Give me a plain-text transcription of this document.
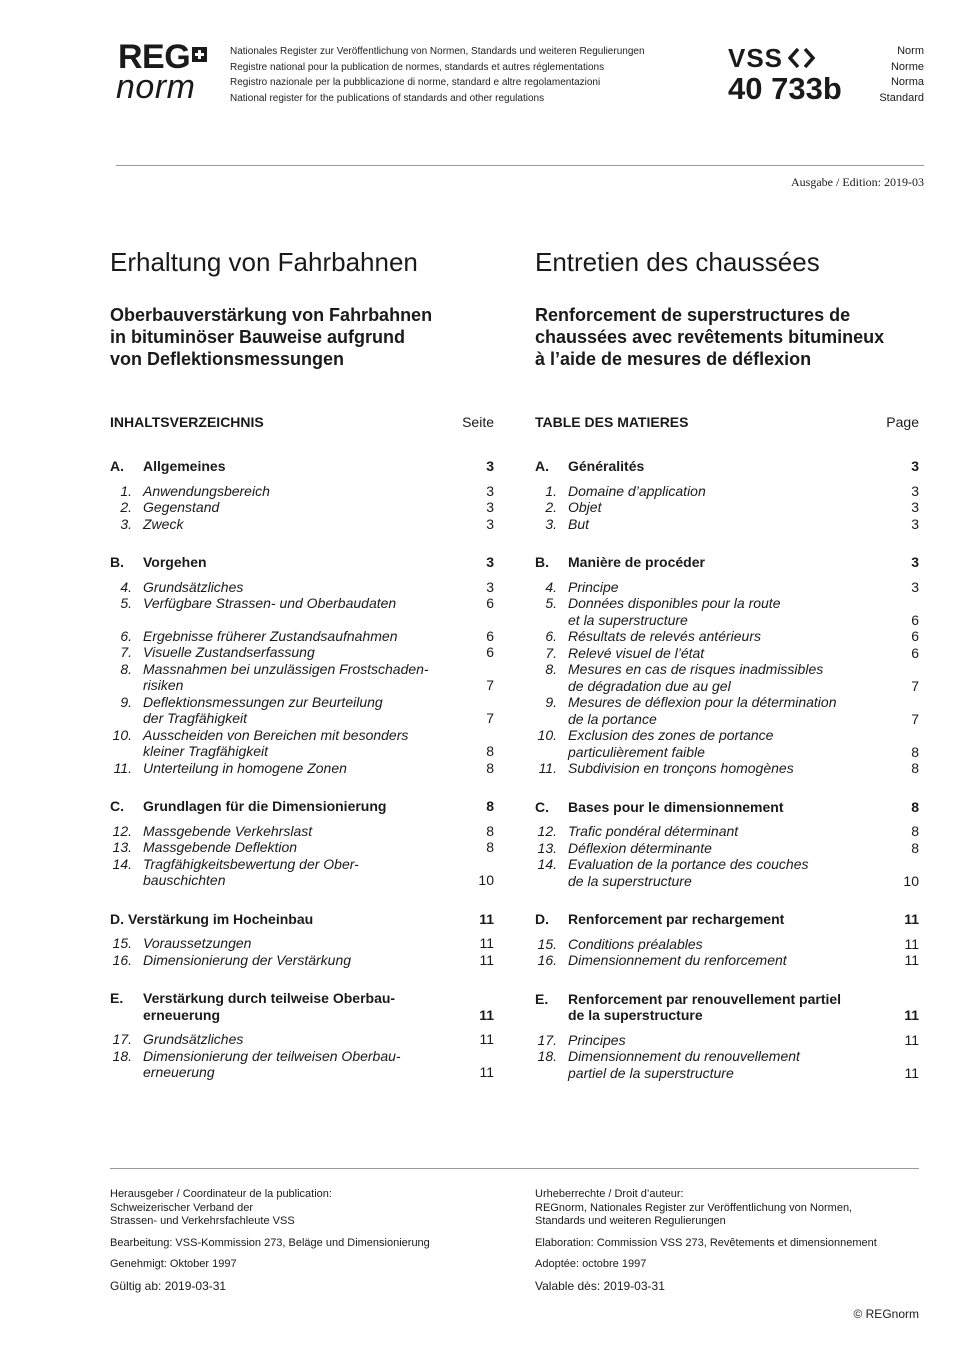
REG
norm
Nationales Register zur Veröffentlichung von Normen, Standards und weiteren Regulierungen
Registre national pour la publication de normes, standards et autres réglementations
Registro nazionale per la pubblicazione di norme, standard e altre regolamentazioni
National register for the publications of standards and other regulations
VSS
40 733b
Norm
Norme
Norma
Standard
Ausgabe / Edition: 2019-03
Erhaltung von Fahrbahnen	Entretien des chaussées
Oberbauverstärkung von Fahrbahnen
in bituminöser Bauweise aufgrund
von Deflektionsmessungen
Renforcement de superstructures de
chaussées avec revêtements bitumineux
à l’aide de mesures de déflexion
INHALTSVERZEICHNIS	Seite
A.	Allgemeines	3
1. Anwendungsbereich	3
2. Gegenstand	3
3. Zweck	3
B.	Vorgehen	3
4. Grundsätzliches	3
5. Verfügbare Strassen- und Oberbaudaten	6
6. Ergebnisse früherer Zustandsaufnahmen	6
7. Visuelle Zustandserfassung	6
8. Massnahmen bei unzulässigen Frostschaden-
risiken	7
9. Deflektionsmessungen zur Beurteilung
der Tragfähigkeit	7
10. Ausscheiden von Bereichen mit besonders
kleiner Tragfähigkeit	8
11. Unterteilung in homogene Zonen	8
C.	Grundlagen für die Dimensionierung	8
12. Massgebende Verkehrslast	8
13. Massgebende Deflektion	8
14. Tragfähigkeitsbewertung der Ober-
bauschichten	10
D. Verstärkung im Hocheinbau	11
15. Voraussetzungen	11
16. Dimensionierung der Verstärkung	11
E.	Verstärkung durch teilweise Oberbau-
erneuerung	11
17. Grundsätzliches	11
18. Dimensionierung der teilweisen Oberbau-
erneuerung	11
TABLE DES MATIERES	Page
A.	Généralités	3
1. Domaine d’application	3
2. Objet	3
3. But	3
B.	Manière de procéder	3
4. Principe	3
5. Données disponibles pour la route
et la superstructure	6
6. Résultats de relevés antérieurs	6
7. Relevé visuel de l’état	6
8. Mesures en cas de risques inadmissibles
de dégradation due au gel	7
9. Mesures de déflexion pour la détermination
de la portance	7
10. Exclusion des zones de portance
particulièrement faible	8
11. Subdivision en tronçons homogènes	8
C.	Bases pour le dimensionnement	8
12. Trafic pondéral déterminant	8
13. Déflexion déterminante	8
14. Evaluation de la portance des couches
de la superstructure	10
D.	Renforcement par rechargement	11
15. Conditions préalables	11
16. Dimensionnement du renforcement	11
E.	Renforcement par renouvellement partiel
de la superstructure	11
17. Principes	11
18. Dimensionnement du renouvellement
partiel de la superstructure	11

Herausgeber / Coordinateur de la publication:
Schweizerischer Verband der
Strassen- und Verkehrsfachleute VSS

Bearbeitung: VSS-Kommission 273, Beläge und Dimensionierung

Genehmigt: Oktober 1997

Gültig ab: 2019-03-31

Urheberrechte / Droit d’auteur:
REGnorm, Nationales Register zur Veröffentlichung von Normen,
Standards und weiteren Regulierungen

Elaboration: Commission VSS 273, Revêtements et dimensionnement

Adoptée: octobre 1997

Valable dès: 2019-03-31

© REGnorm
